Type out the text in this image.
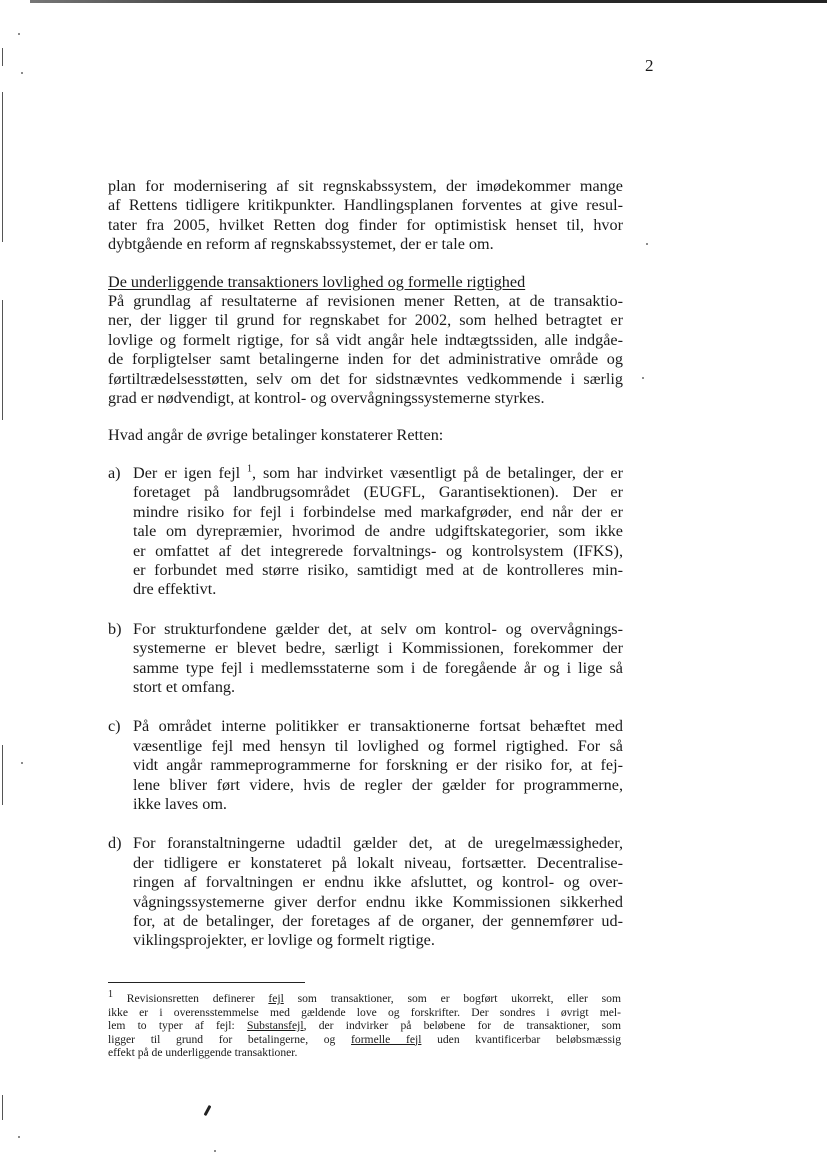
2
plan for modernisering af sit regnskabssystem, der imødekommer mange
af Rettens tidligere kritikpunkter. Handlingsplanen forventes at give resul-
tater fra 2005, hvilket Retten dog finder for optimistisk henset til, hvor
dybtgående en reform af regnskabssystemet, der er tale om.
De underliggende transaktioners lovlighed og formelle rigtighed
På grundlag af resultaterne af revisionen mener Retten, at de transaktio-
ner, der ligger til grund for regnskabet for 2002, som helhed betragtet er
lovlige og formelt rigtige, for så vidt angår hele indtægtssiden, alle indgåe-
de forpligtelser samt betalingerne inden for det administrative område og
førtiltrædelsesstøtten, selv om det for sidstnævntes vedkommende i særlig
grad er nødvendigt, at kontrol- og overvågningssystemerne styrkes.
Hvad angår de øvrige betalinger konstaterer Retten:
a) Der er igen fejl $^1$, som har indvirket væsentligt på de betalinger, der er
foretaget på landbrugsområdet (EUGFL, Garantisektionen). Der er
mindre risiko for fejl i forbindelse med markafgrøder, end når der er
tale om dyrepræmier, hvorimod de andre udgiftskategorier, som ikke
er omfattet af det integrerede forvaltnings- og kontrolsystem (IFKS),
er forbundet med større risiko, samtidigt med at de kontrolleres min-
dre effektivt.
b) For strukturfondene gælder det, at selv om kontrol- og overvågnings-
systemerne er blevet bedre, særligt i Kommissionen, forekommer der
samme type fejl i medlemsstaterne som i de foregående år og i lige så
stort et omfang.
c) På området interne politikker er transaktionerne fortsat behæftet med
væsentlige fejl med hensyn til lovlighed og formel rigtighed. For så
vidt angår rammeprogrammerne for forskning er der risiko for, at fej-
lene bliver ført videre, hvis de regler der gælder for programmerne,
ikke laves om.
d) For foranstaltningerne udadtil gælder det, at de uregelmæssigheder,
der tidligere er konstateret på lokalt niveau, fortsætter. Decentralise-
ringen af forvaltningen er endnu ikke afsluttet, og kontrol- og over-
vågningssystemerne giver derfor endnu ikke Kommissionen sikkerhed
for, at de betalinger, der foretages af de organer, der gennemfører ud-
viklingsprojekter, er lovlige og formelt rigtige.
$^1$ Revisionsretten definerer fejl som transaktioner, som er bogført ukorrekt, eller som
ikke er i overensstemmelse med gældende love og forskrifter. Der sondres i øvrigt mel-
lem to typer af fejl: Substansfejl, der indvirker på beløbene for de transaktioner, som
ligger til grund for betalingerne, og formelle fejl uden kvantificerbar beløbsmæssig
effekt på de underliggende transaktioner.
